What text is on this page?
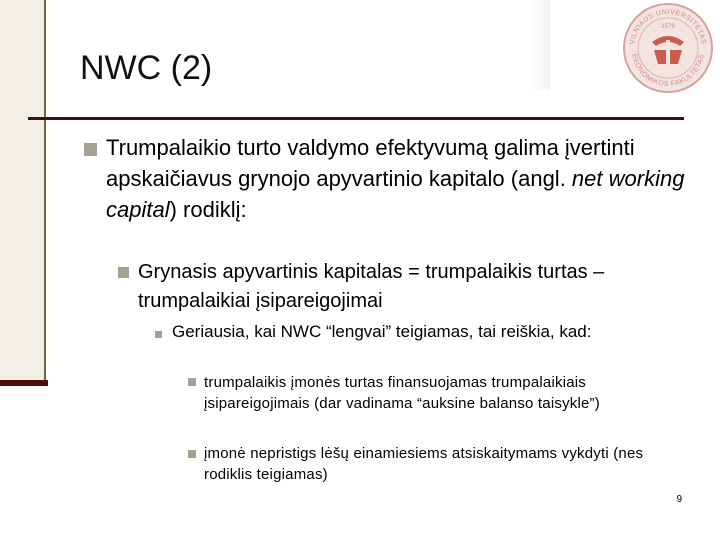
NWC (2)
VILNIAUS UNIVERSITETAS
EKONOMIKOS FAKULTETAS
1579
Trumpalaikio turto valdymo efektyvumą galima įvertinti apskaičiavus grynojo apyvartinio kapitalo (angl. net working capital) rodiklį:
Grynasis apyvartinis kapitalas = trumpalaikis turtas – trumpalaikiai įsipareigojimai
Geriausia, kai NWC “lengvai” teigiamas, tai reiškia, kad:
trumpalaikis įmonės turtas finansuojamas trumpalaikiais įsipareigojimais (dar vadinama “auksine balanso taisykle”)
įmonė nepristigs lėšų einamiesiems atsiskaitymams vykdyti (nes rodiklis teigiamas)
9
